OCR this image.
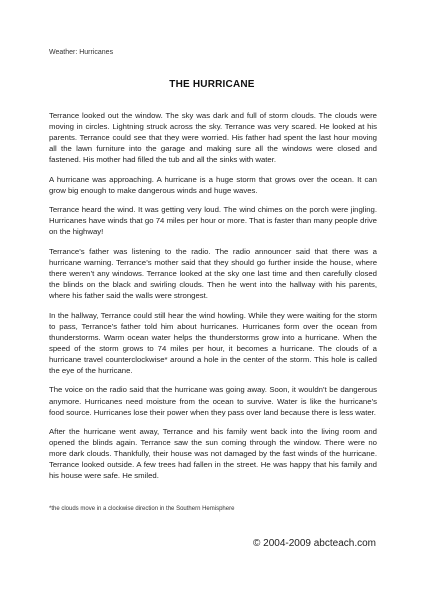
Weather: Hurricanes
THE HURRICANE

Terrance looked out the window. The sky was dark and full of storm clouds. The clouds were moving in circles. Lightning struck across the sky. Terrance was very scared. He looked at his parents. Terrance could see that they were worried. His father had spent the last hour moving all the lawn furniture into the garage and making sure all the windows were closed and fastened. His mother had filled the tub and all the sinks with water.

A hurricane was approaching. A hurricane is a huge storm that grows over the ocean. It can grow big enough to make dangerous winds and huge waves.

Terrance heard the wind. It was getting very loud. The wind chimes on the porch were jingling. Hurricanes have winds that go 74 miles per hour or more. That is faster than many people drive on the highway!

Terrance’s father was listening to the radio. The radio announcer said that there was a hurricane warning. Terrance’s mother said that they should go further inside the house, where there weren’t any windows. Terrance looked at the sky one last time and then carefully closed the blinds on the black and swirling clouds. Then he went into the hallway with his parents, where his father said the walls were strongest.

In the hallway, Terrance could still hear the wind howling. While they were waiting for the storm to pass, Terrance’s father told him about hurricanes. Hurricanes form over the ocean from thunderstorms. Warm ocean water helps the thunderstorms grow into a hurricane. When the speed of the storm grows to 74 miles per hour, it becomes a hurricane. The clouds of a hurricane travel counterclockwise* around a hole in the center of the storm. This hole is called the eye of the hurricane.

The voice on the radio said that the hurricane was going away. Soon, it wouldn’t be dangerous anymore. Hurricanes need moisture from the ocean to survive. Water is like the hurricane’s food source. Hurricanes lose their power when they pass over land because there is less water.

After the hurricane went away, Terrance and his family went back into the living room and opened the blinds again. Terrance saw the sun coming through the window. There were no more dark clouds. Thankfully, their house was not damaged by the fast winds of the hurricane. Terrance looked outside. A few trees had fallen in the street. He was happy that his family and his house were safe. He smiled.

*the clouds move in a clockwise direction in the Southern Hemisphere
© 2004-2009 abcteach.com
